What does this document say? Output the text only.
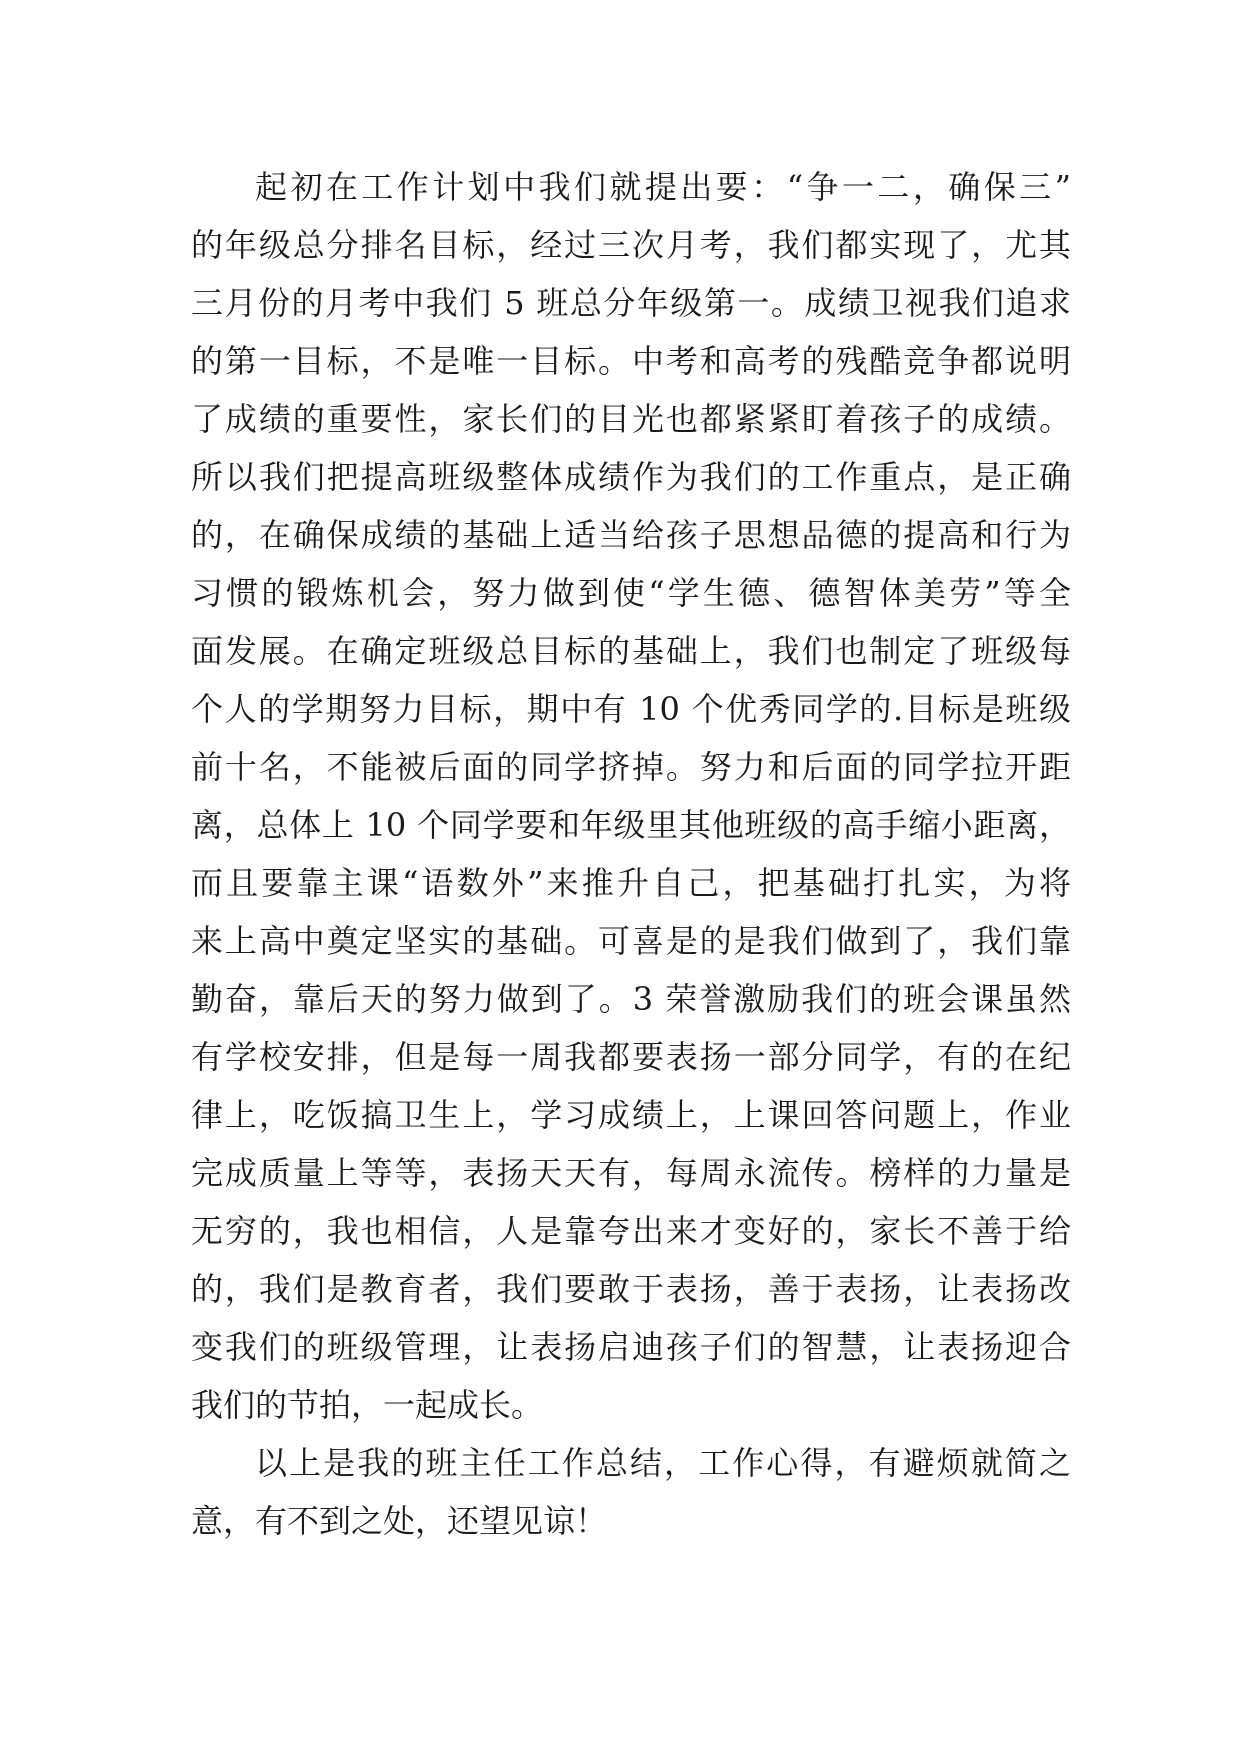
起初在工作计划中我们就提出要：“争一二，确保三”
的年级总分排名目标，经过三次月考，我们都实现了，尤其
三月份的月考中我们 5 班总分年级第一。成绩卫视我们追求
的第一目标，不是唯一目标。中考和高考的残酷竞争都说明
了成绩的重要性，家长们的目光也都紧紧盯着孩子的成绩。
所以我们把提高班级整体成绩作为我们的工作重点，是正确
的，在确保成绩的基础上适当给孩子思想品德的提高和行为
习惯的锻炼机会，努力做到使“学生德、德智体美劳”等全
面发展。在确定班级总目标的基础上，我们也制定了班级每
个人的学期努力目标，期中有 10 个优秀同学的.目标是班级
前十名，不能被后面的同学挤掉。努力和后面的同学拉开距
离，总体上 10 个同学要和年级里其他班级的高手缩小距离，
而且要靠主课“语数外”来推升自己，把基础打扎实，为将
来上高中奠定坚实的基础。可喜是的是我们做到了，我们靠
勤奋，靠后天的努力做到了。3 荣誉激励我们的班会课虽然
有学校安排，但是每一周我都要表扬一部分同学，有的在纪
律上，吃饭搞卫生上，学习成绩上，上课回答问题上，作业
完成质量上等等，表扬天天有，每周永流传。榜样的力量是
无穷的，我也相信，人是靠夸出来才变好的，家长不善于给
的，我们是教育者，我们要敢于表扬，善于表扬，让表扬改
变我们的班级管理，让表扬启迪孩子们的智慧，让表扬迎合
我们的节拍，一起成长。
以上是我的班主任工作总结，工作心得，有避烦就简之
意，有不到之处，还望见谅！
